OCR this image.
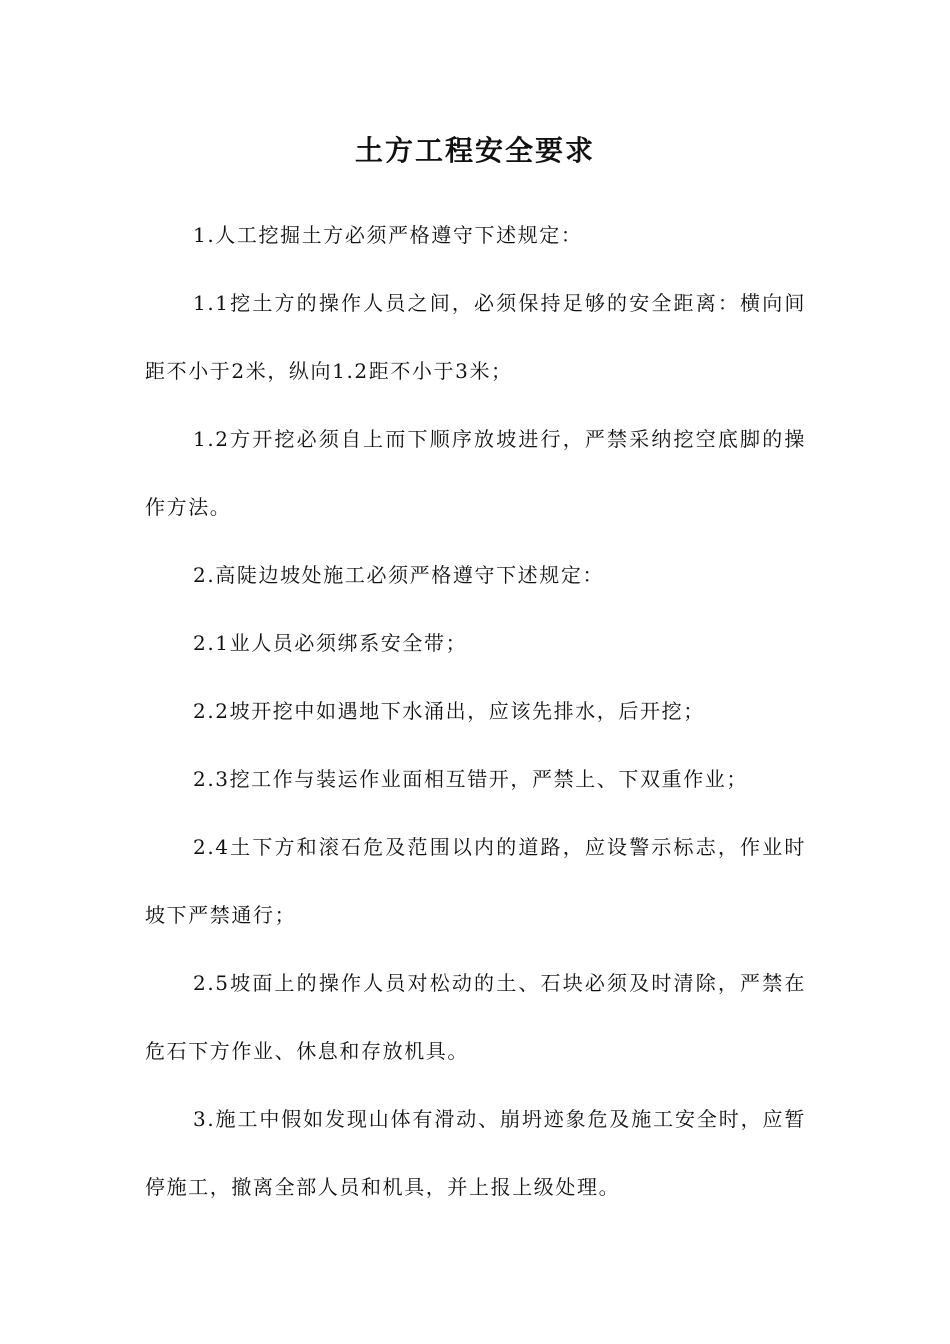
土方工程安全要求

1.人工挖掘土方必须严格遵守下述规定：

1.1挖土方的操作人员之间，必须保持足够的安全距离：横向间距不小于2米，纵向1.2距不小于3米；

1.2方开挖必须自上而下顺序放坡进行，严禁采纳挖空底脚的操作方法。

2.高陡边坡处施工必须严格遵守下述规定：

2.1业人员必须绑系安全带；

2.2坡开挖中如遇地下水涌出，应该先排水，后开挖；

2.3挖工作与装运作业面相互错开，严禁上、下双重作业；

2.4土下方和滚石危及范围以内的道路，应设警示标志，作业时坡下严禁通行；

2.5坡面上的操作人员对松动的土、石块必须及时清除，严禁在危石下方作业、休息和存放机具。

3.施工中假如发现山体有滑动、崩坍迹象危及施工安全时，应暂停施工，撤离全部人员和机具，并上报上级处理。
